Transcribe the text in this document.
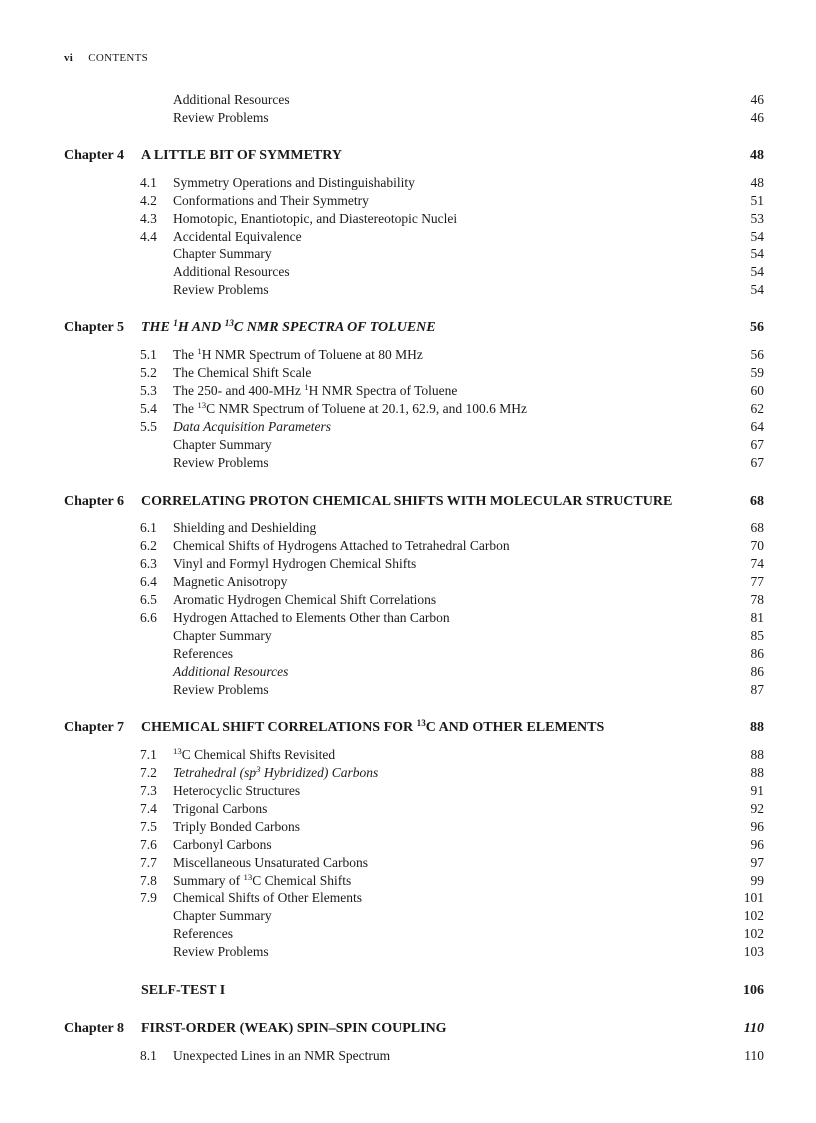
vi CONTENTS
Additional Resources	46
Review Problems	46
Chapter 4 A LITTLE BIT OF SYMMETRY	48
4.1 Symmetry Operations and Distinguishability	48
4.2 Conformations and Their Symmetry	51
4.3 Homotopic, Enantiotopic, and Diastereotopic Nuclei	53
4.4 Accidental Equivalence	54
Chapter Summary	54
Additional Resources	54
Review Problems	54
Chapter 5 THE $^1$H AND $^{13}$C NMR SPECTRA OF TOLUENE	56
5.1 The $^1$H NMR Spectrum of Toluene at 80 MHz	56
5.2 The Chemical Shift Scale	59
5.3 The 250- and 400-MHz $^1$H NMR Spectra of Toluene	60
5.4 The $^{13}$C NMR Spectrum of Toluene at 20.1, 62.9, and 100.6 MHz	62
5.5 Data Acquisition Parameters	64
Chapter Summary	67
Review Problems	67
Chapter 6 CORRELATING PROTON CHEMICAL SHIFTS WITH MOLECULAR STRUCTURE	68
6.1 Shielding and Deshielding	68
6.2 Chemical Shifts of Hydrogens Attached to Tetrahedral Carbon	70
6.3 Vinyl and Formyl Hydrogen Chemical Shifts	74
6.4 Magnetic Anisotropy	77
6.5 Aromatic Hydrogen Chemical Shift Correlations	78
6.6 Hydrogen Attached to Elements Other than Carbon	81
Chapter Summary	85
References	86
Additional Resources	86
Review Problems	87
Chapter 7 CHEMICAL SHIFT CORRELATIONS FOR $^{13}$C AND OTHER ELEMENTS	88
7.1 $^{13}$C Chemical Shifts Revisited	88
7.2 Tetrahedral ($sp^3$ Hybridized) Carbons	88
7.3 Heterocyclic Structures	91
7.4 Trigonal Carbons	92
7.5 Triply Bonded Carbons	96
7.6 Carbonyl Carbons	96
7.7 Miscellaneous Unsaturated Carbons	97
7.8 Summary of $^{13}$C Chemical Shifts	99
7.9 Chemical Shifts of Other Elements	101
Chapter Summary	102
References	102
Review Problems	103
SELF-TEST I	106
Chapter 8 FIRST-ORDER (WEAK) SPIN–SPIN COUPLING	110
8.1 Unexpected Lines in an NMR Spectrum	110
